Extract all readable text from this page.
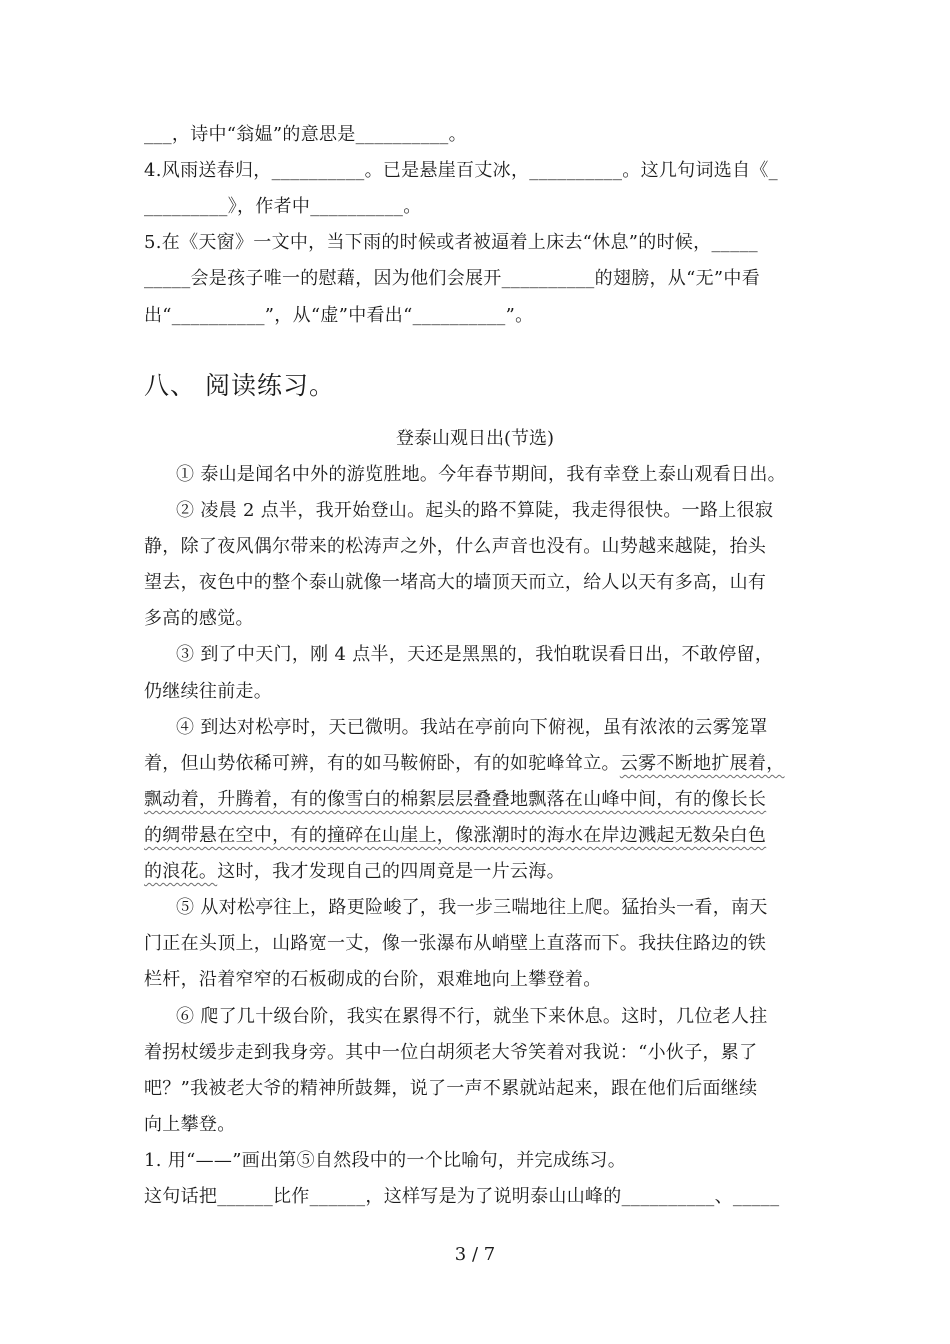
___，诗中“翁媪”的意思是__________。
4.风雨送春归，__________。已是悬崖百丈冰，__________。这几句词选自《_
_________》，作者中__________。
5.在《天窗》一文中，当下雨的时候或者被逼着上床去“休息”的时候，_____
_____会是孩子唯一的慰藉，因为他们会展开__________的翅膀，从“无”中看
出“__________”，从“虚”中看出“__________”。
八、 阅读练习。
登泰山观日出(节选)
① 泰山是闻名中外的游览胜地。今年春节期间，我有幸登上泰山观看日出。
② 凌晨 2 点半，我开始登山。起头的路不算陡，我走得很快。一路上很寂
静，除了夜风偶尔带来的松涛声之外，什么声音也没有。山势越来越陡，抬头
望去，夜色中的整个泰山就像一堵高大的墙顶天而立，给人以天有多高，山有
多高的感觉。
③ 到了中天门，刚 4 点半，天还是黑黑的，我怕耽误看日出，不敢停留，
仍继续往前走。
④ 到达对松亭时，天已微明。我站在亭前向下俯视，虽有浓浓的云雾笼罩
着，但山势依稀可辨，有的如马鞍俯卧，有的如驼峰耸立。云雾不断地扩展着，
飘动着，升腾着，有的像雪白的棉絮层层叠叠地飘落在山峰中间，有的像长长
的绸带悬在空中，有的撞碎在山崖上，像涨潮时的海水在岸边溅起无数朵白色
的浪花。这时，我才发现自己的四周竟是一片云海。
⑤ 从对松亭往上，路更险峻了，我一步三喘地往上爬。猛抬头一看，南天
门正在头顶上，山路宽一丈，像一张瀑布从峭壁上直落而下。我扶住路边的铁
栏杆，沿着窄窄的石板砌成的台阶，艰难地向上攀登着。
⑥ 爬了几十级台阶，我实在累得不行，就坐下来休息。这时，几位老人拄
着拐杖缓步走到我身旁。其中一位白胡须老大爷笑着对我说：“小伙子，累了
吧？”我被老大爷的精神所鼓舞，说了一声不累就站起来，跟在他们后面继续
向上攀登。
1. 用“——”画出第⑤自然段中的一个比喻句，并完成练习。
这句话把______比作______，这样写是为了说明泰山山峰的__________、_____
3 / 7
